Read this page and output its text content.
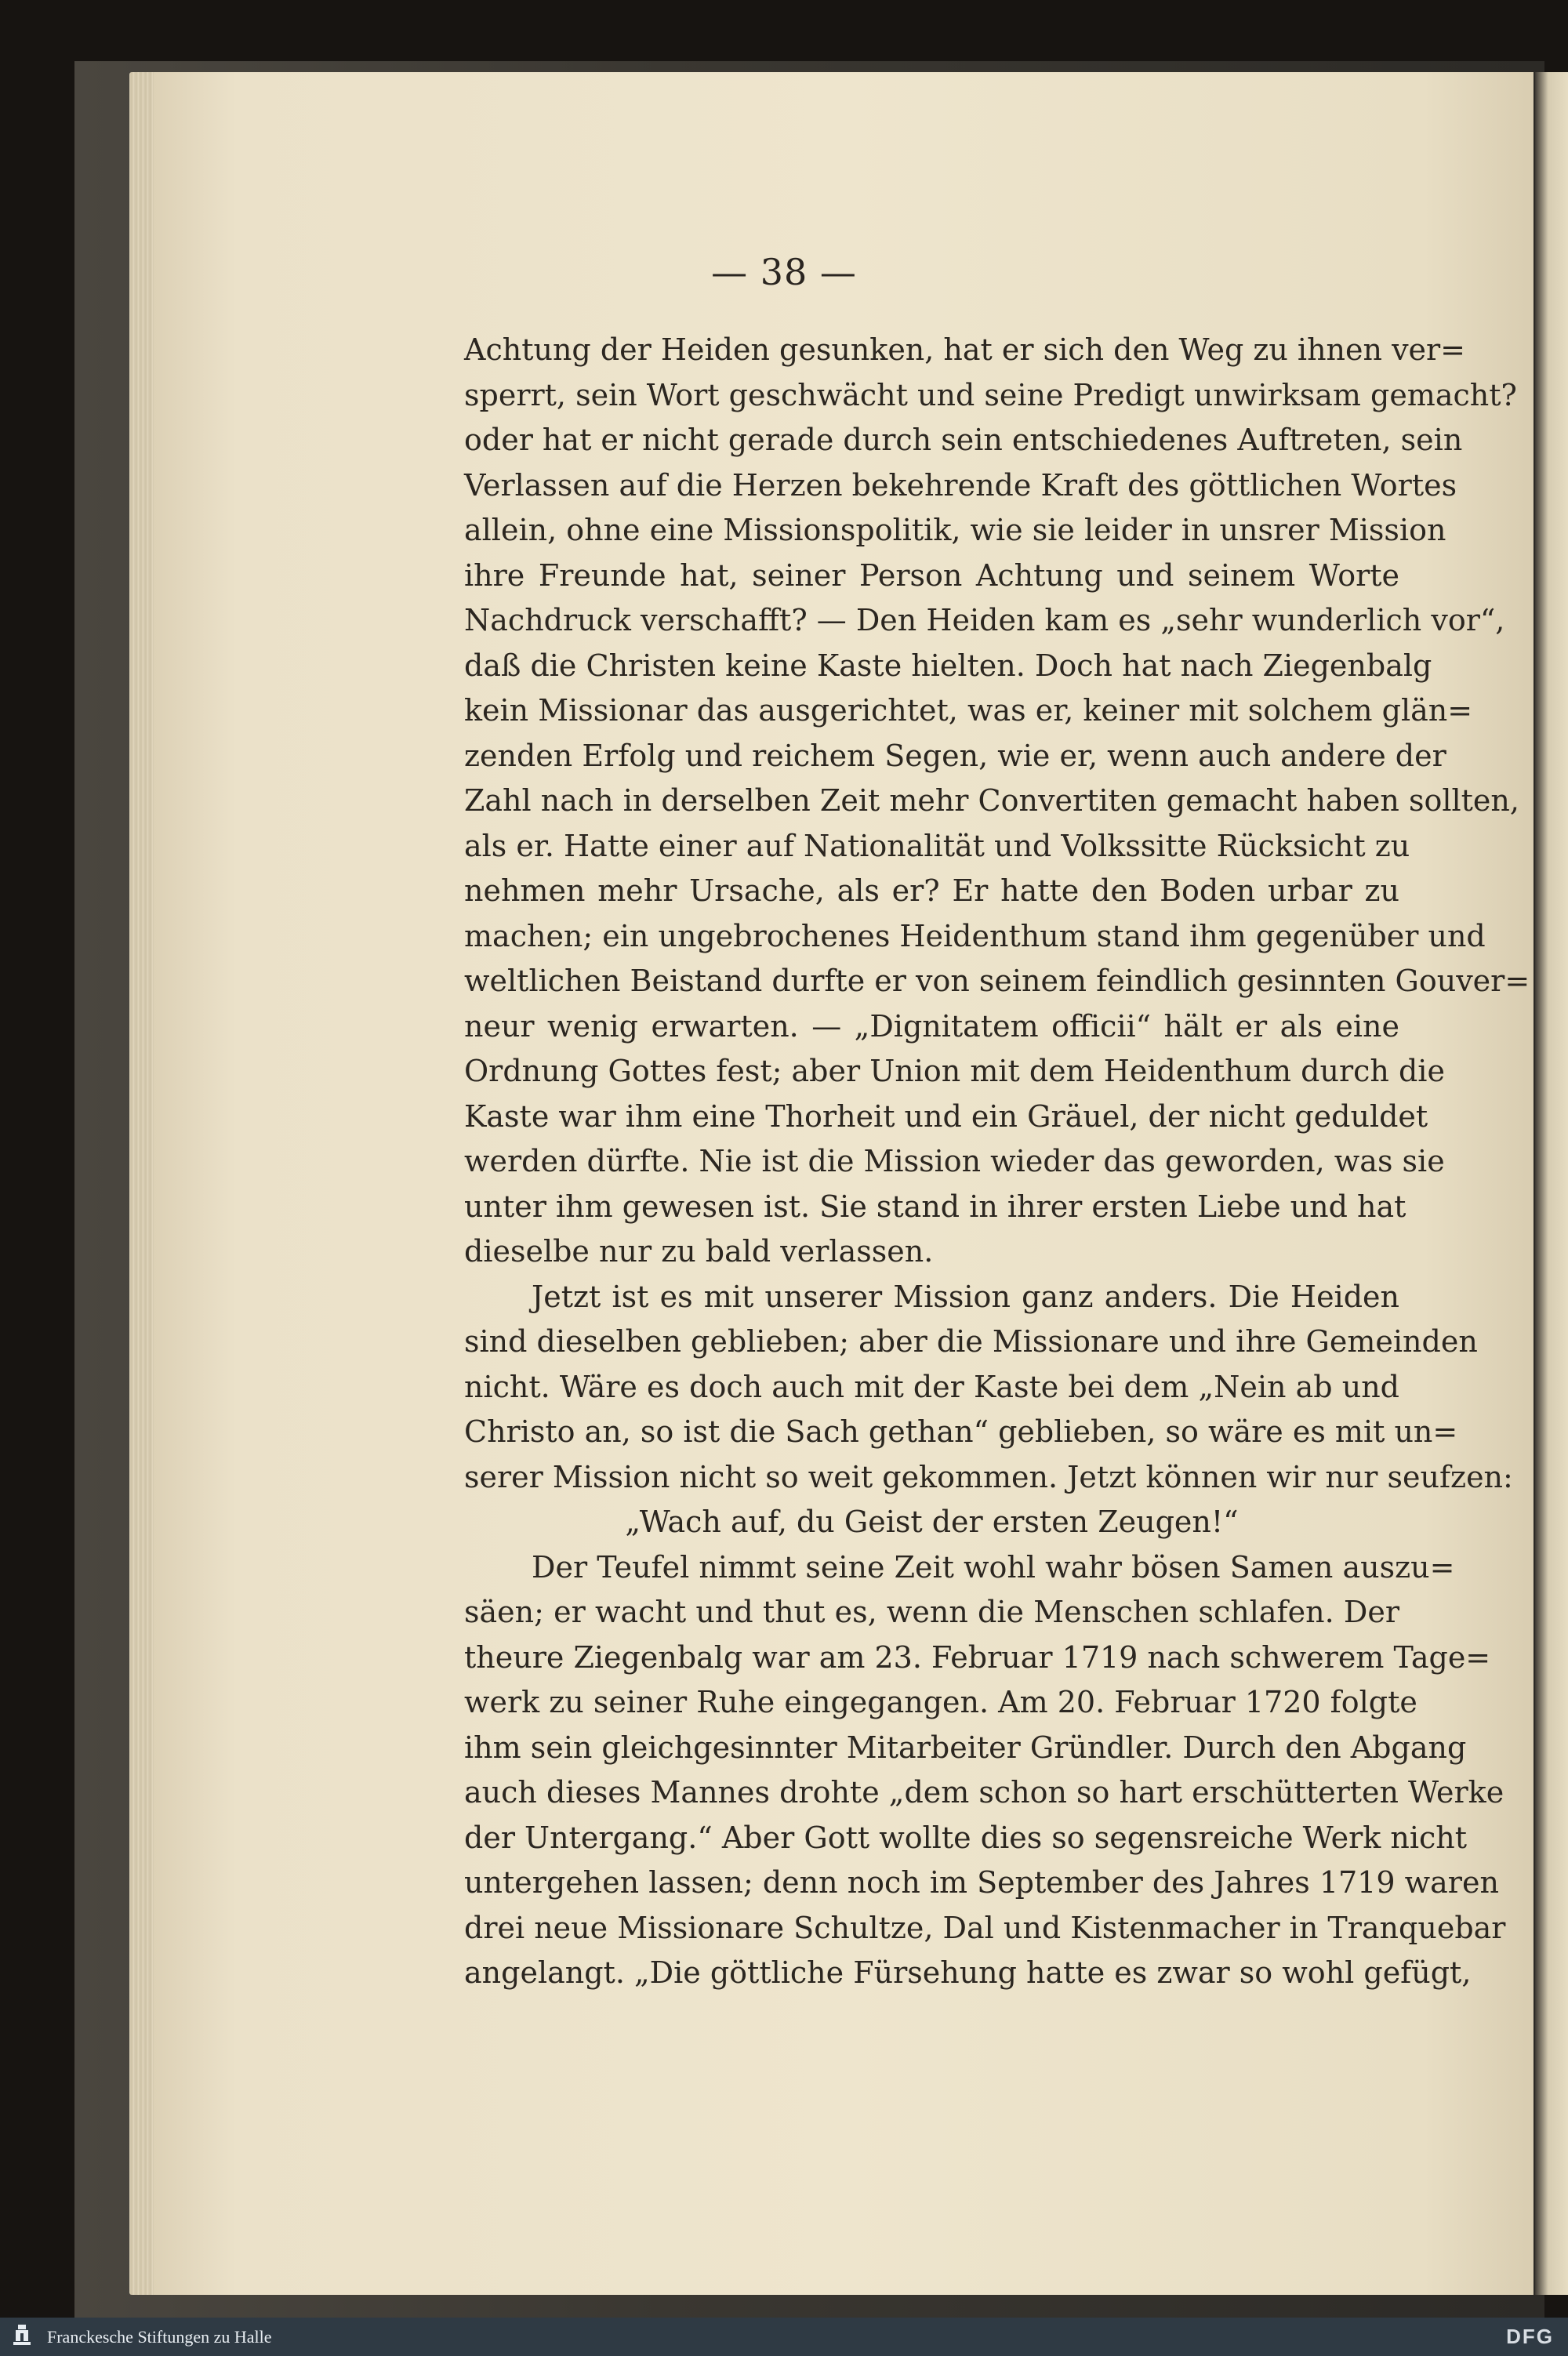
— 38 —
Achtung der Heiden gesunken, hat er sich den Weg zu ihnen ver=
sperrt, sein Wort geschwächt und seine Predigt unwirksam gemacht?
oder hat er nicht gerade durch sein entschiedenes Auftreten, sein
Verlassen auf die Herzen bekehrende Kraft des göttlichen Wortes
allein, ohne eine Missionspolitik, wie sie leider in unsrer Mission
ihre Freunde hat, seiner Person Achtung und seinem Worte
Nachdruck verschafft? — Den Heiden kam es „sehr wunderlich vor“,
daß die Christen keine Kaste hielten. Doch hat nach Ziegenbalg
kein Missionar das ausgerichtet, was er, keiner mit solchem glän=
zenden Erfolg und reichem Segen, wie er, wenn auch andere der
Zahl nach in derselben Zeit mehr Convertiten gemacht haben sollten,
als er. Hatte einer auf Nationalität und Volkssitte Rücksicht zu
nehmen mehr Ursache, als er? Er hatte den Boden urbar zu
machen; ein ungebrochenes Heidenthum stand ihm gegenüber und
weltlichen Beistand durfte er von seinem feindlich gesinnten Gouver=
neur wenig erwarten. — „Dignitatem officii“ hält er als eine
Ordnung Gottes fest; aber Union mit dem Heidenthum durch die
Kaste war ihm eine Thorheit und ein Gräuel, der nicht geduldet
werden dürfte. Nie ist die Mission wieder das geworden, was sie
unter ihm gewesen ist. Sie stand in ihrer ersten Liebe und hat
dieselbe nur zu bald verlassen.
Jetzt ist es mit unserer Mission ganz anders. Die Heiden
sind dieselben geblieben; aber die Missionare und ihre Gemeinden
nicht. Wäre es doch auch mit der Kaste bei dem „Nein ab und
Christo an, so ist die Sach gethan“ geblieben, so wäre es mit un=
serer Mission nicht so weit gekommen. Jetzt können wir nur seufzen:
„Wach auf, du Geist der ersten Zeugen!“
Der Teufel nimmt seine Zeit wohl wahr bösen Samen auszu=
säen; er wacht und thut es, wenn die Menschen schlafen. Der
theure Ziegenbalg war am 23. Februar 1719 nach schwerem Tage=
werk zu seiner Ruhe eingegangen. Am 20. Februar 1720 folgte
ihm sein gleichgesinnter Mitarbeiter Gründler. Durch den Abgang
auch dieses Mannes drohte „dem schon so hart erschütterten Werke
der Untergang.“ Aber Gott wollte dies so segensreiche Werk nicht
untergehen lassen; denn noch im September des Jahres 1719 waren
drei neue Missionare Schultze, Dal und Kistenmacher in Tranquebar
angelangt. „Die göttliche Fürsehung hatte es zwar so wohl gefügt,
Franckesche Stiftungen zu Halle	DFG
